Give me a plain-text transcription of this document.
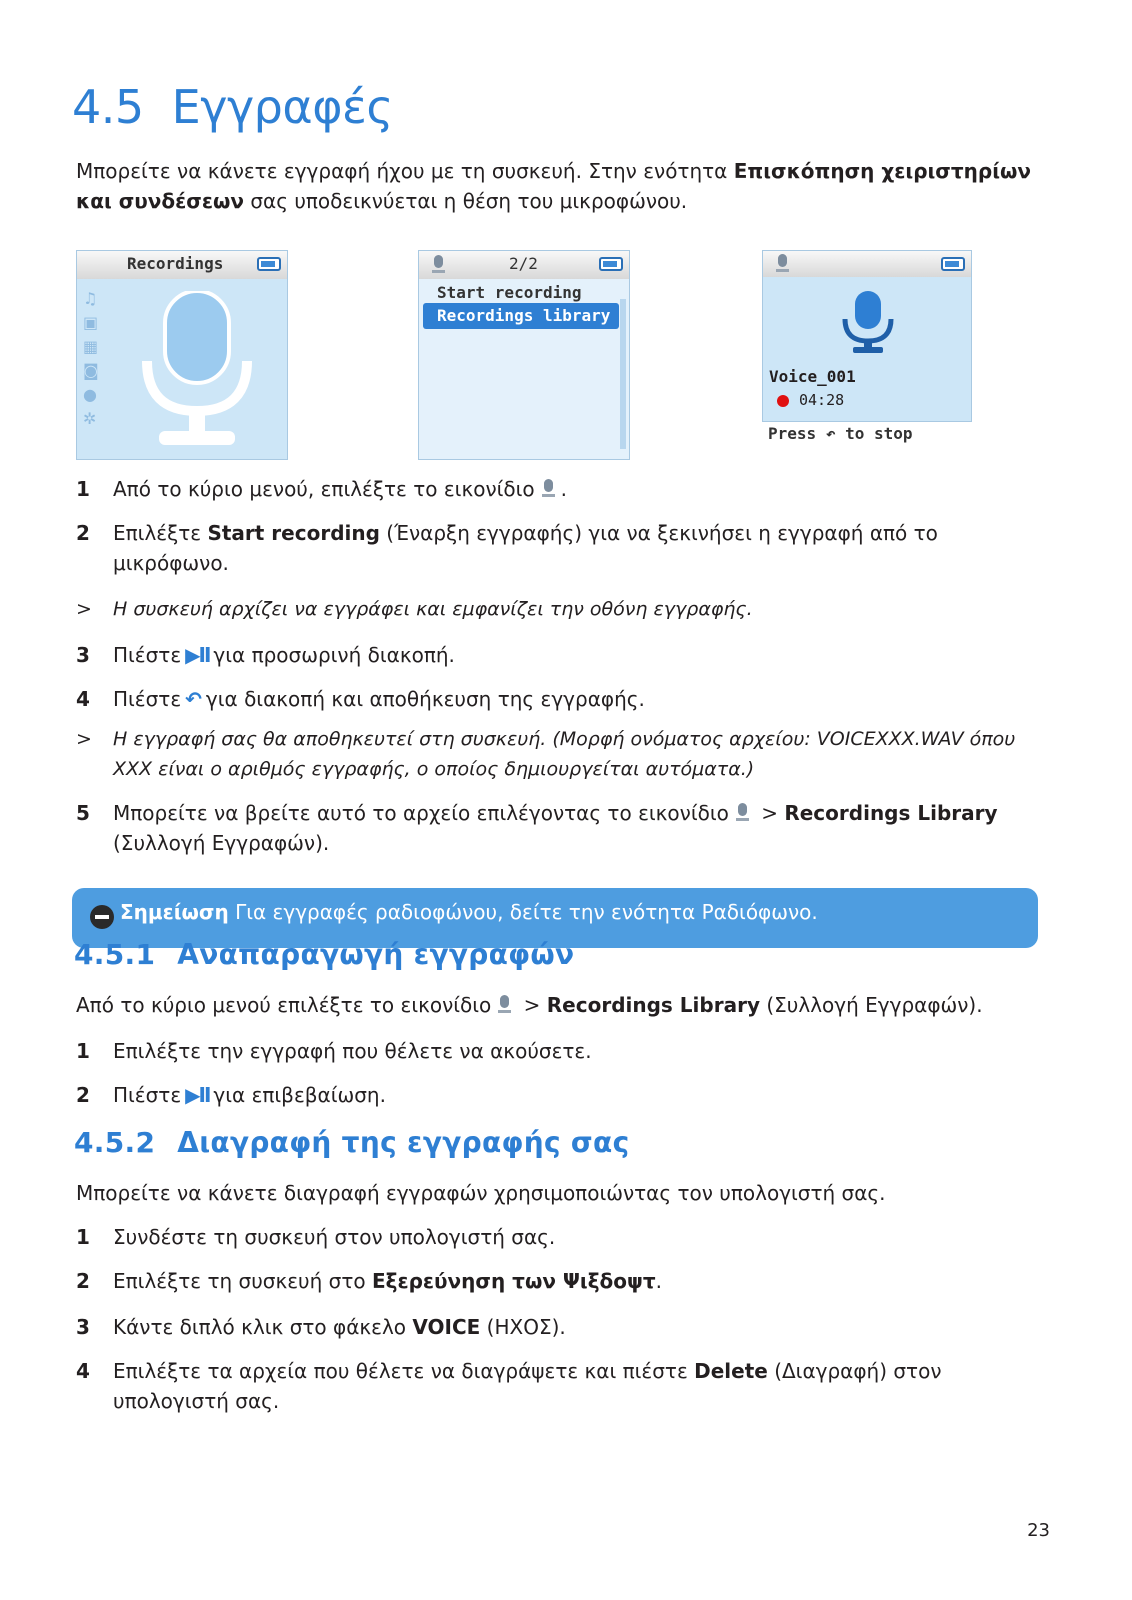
4.5 Εγγραφές
Μπορείτε να κάνετε εγγραφή ήχου με τη συσκευή. Στην ενότητα Επισκόπηση χειριστηρίων και συνδέσεων σας υποδεικνύεται η θέση του μικροφώνου.
Recordings
♫
▣
▦
◙
●
✲
2/2
Start recording
Recordings library
Voice_001
04:28
Press ↶ to stop
1	Από το κύριο μενού, επιλέξτε το εικονίδιο .
2	Επιλέξτε Start recording (Έναρξη εγγραφής) για να ξεκινήσει η εγγραφή από το μικρόφωνο.
>	Η συσκευή αρχίζει να εγγράφει και εμφανίζει την οθόνη εγγραφής.
3	Πιέστε ▶II για προσωρινή διακοπή.
4	Πιέστε ↶ για διακοπή και αποθήκευση της εγγραφής.
>	Η εγγραφή σας θα αποθηκευτεί στη συσκευή. (Μορφή ονόματος αρχείου: VOICEXXX.WAV όπου XXX είναι ο αριθμός εγγραφής, ο οποίος δημιουργείται αυτόματα.)
5	Μπορείτε να βρείτε αυτό το αρχείο επιλέγοντας το εικονίδιο > Recordings Library (Συλλογή Εγγραφών).
Σημείωση Για εγγραφές ραδιοφώνου, δείτε την ενότητα Ραδιόφωνο.
4.5.1 Αναπαραγωγή εγγραφών
Από το κύριο μενού επιλέξτε το εικονίδιο > Recordings Library (Συλλογή Εγγραφών).
1	Επιλέξτε την εγγραφή που θέλετε να ακούσετε.
2	Πιέστε ▶II για επιβεβαίωση.
4.5.2 Διαγραφή της εγγραφής σας
Μπορείτε να κάνετε διαγραφή εγγραφών χρησιμοποιώντας τον υπολογιστή σας.
1	Συνδέστε τη συσκευή στον υπολογιστή σας.
2	Επιλέξτε τη συσκευή στο Εξερεύνηση των Ψιξδοψτ.
3	Κάντε διπλό κλικ στο φάκελο VOICE (ΗΧΟΣ).
4	Επιλέξτε τα αρχεία που θέλετε να διαγράψετε και πιέστε Delete (Διαγραφή) στον υπολογιστή σας.
23
